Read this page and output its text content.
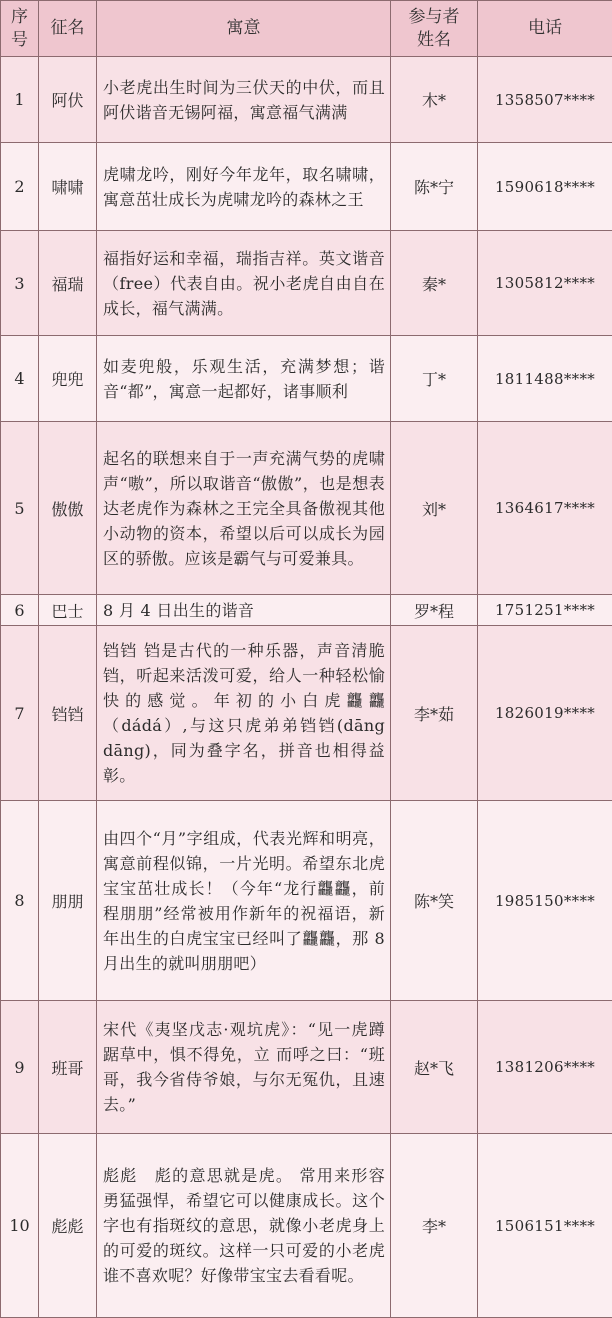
序号	征名	寓意	参与者姓名	电话
1	阿伏	小老虎出生时间为三伏天的中伏，而且阿伏谐音无锡阿福，寓意福气满满	木*	1358507****
2	啸啸	虎啸龙吟，刚好今年龙年，取名啸啸，寓意茁壮成长为虎啸龙吟的森林之王	陈*宁	1590618****
3	福瑞	福指好运和幸福，瑞指吉祥。英文谐音（free）代表自由。祝小老虎自由自在成长，福气满满。	秦*	1305812****
4	兜兜	如麦兜般，乐观生活，充满梦想；谐音“都”，寓意一起都好，诸事顺利	丁*	1811488****
5	傲傲	起名的联想来自于一声充满气势的虎啸声“嗷”，所以取谐音“傲傲”，也是想表达老虎作为森林之王完全具备傲视其他小动物的资本，希望以后可以成长为园区的骄傲。应该是霸气与可爱兼具。	刘*	1364617****
6	巴士	8 月 4 日出生的谐音	罗*程	1751251****
7	铛铛	铛铛 铛是古代的一种乐器，声音清脆铛，听起来活泼可爱，给人一种轻松愉快的感觉。年初的小白虎龘龘（dádá）,与这只虎弟弟铛铛(dāng dāng)，同为叠字名，拼音也相得益彰。	李*茹	1826019****
8	朋朋	由四个“月”字组成，代表光辉和明亮，寓意前程似锦，一片光明。希望东北虎宝宝茁壮成长！（今年“龙行龘龘，前程朋朋”经常被用作新年的祝福语，新年出生的白虎宝宝已经叫了龘龘，那 8 月出生的就叫朋朋吧）	陈*笑	1985150****
9	班哥	宋代《夷坚戊志·观坑虎》：“见一虎蹲踞草中，惧不得免，立 而呼之曰：“班哥，我今省侍爷娘，与尔无冤仇，且速去。”	赵*飞	1381206****
10	彪彪	彪彪　彪的意思就是虎。 常用来形容勇猛强悍，希望它可以健康成长。这个字也有指斑纹的意思，就像小老虎身上的可爱的斑纹。这样一只可爱的小老虎谁不喜欢呢？好像带宝宝去看看呢。	李*	1506151****
